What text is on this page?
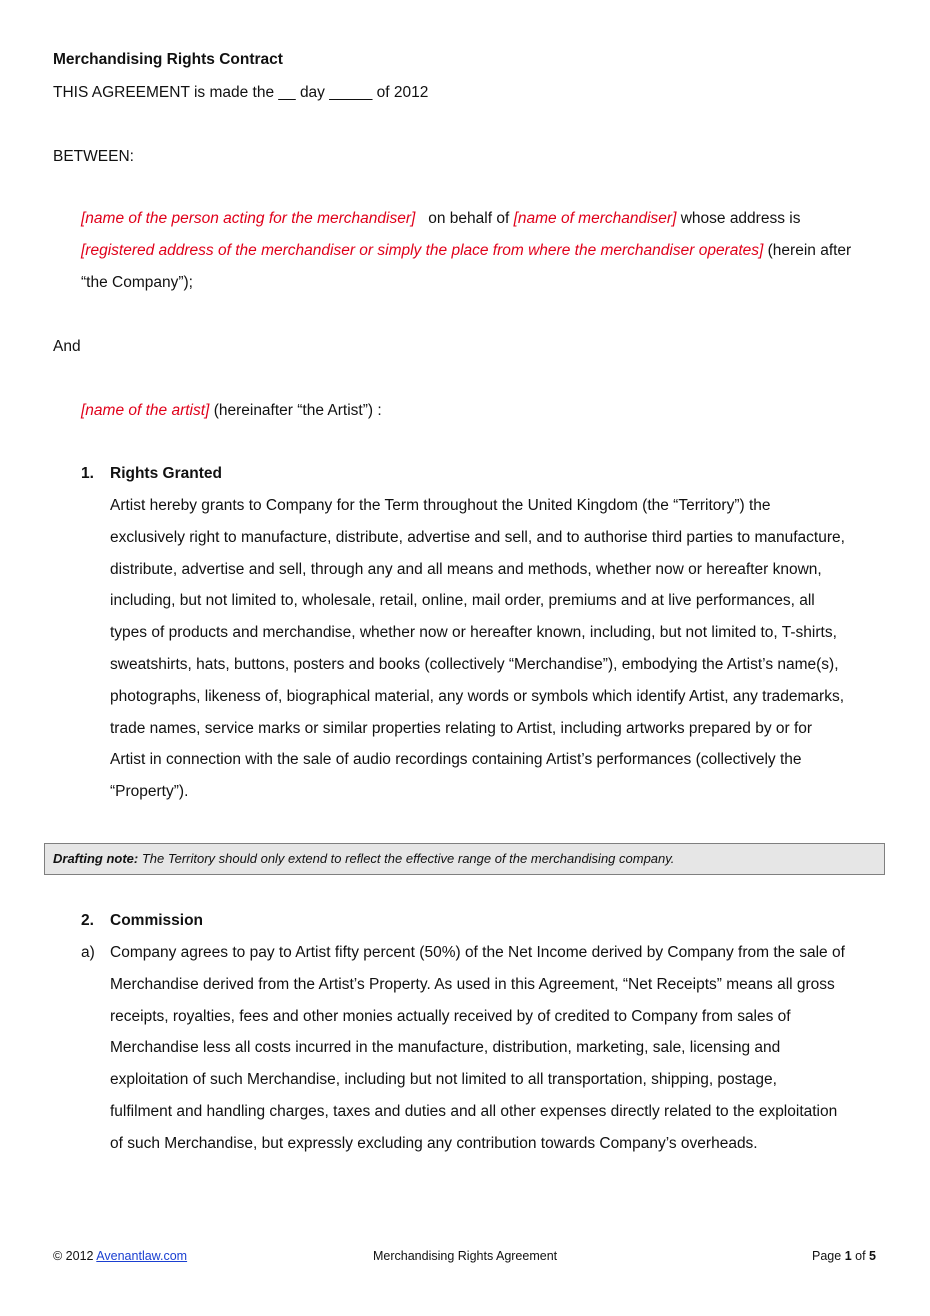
Merchandising Rights Contract
THIS AGREEMENT is made the __ day _____ of 2012
BETWEEN:
[name of the person acting for the merchandiser] on behalf of [name of merchandiser] whose address is
[registered address of the merchandiser or simply the place from where the merchandiser operates] (herein after
“the Company”);
And
[name of the artist] (hereinafter “the Artist”) :
1. Rights Granted
Artist hereby grants to Company for the Term throughout the United Kingdom (the “Territory”) the
exclusively right to manufacture, distribute, advertise and sell, and to authorise third parties to manufacture,
distribute, advertise and sell, through any and all means and methods, whether now or hereafter known,
including, but not limited to, wholesale, retail, online, mail order, premiums and at live performances, all
types of products and merchandise, whether now or hereafter known, including, but not limited to, T-shirts,
sweatshirts, hats, buttons, posters and books (collectively “Merchandise”), embodying the Artist’s name(s),
photographs, likeness of, biographical material, any words or symbols which identify Artist, any trademarks,
trade names, service marks or similar properties relating to Artist, including artworks prepared by or for
Artist in connection with the sale of audio recordings containing Artist’s performances (collectively the
“Property”).
Drafting note: The Territory should only extend to reflect the effective range of the merchandising company.
2. Commission
a) Company agrees to pay to Artist fifty percent (50%) of the Net Income derived by Company from the sale of
Merchandise derived from the Artist’s Property. As used in this Agreement, “Net Receipts” means all gross
receipts, royalties, fees and other monies actually received by of credited to Company from sales of
Merchandise less all costs incurred in the manufacture, distribution, marketing, sale, licensing and
exploitation of such Merchandise, including but not limited to all transportation, shipping, postage,
fulfilment and handling charges, taxes and duties and all other expenses directly related to the exploitation
of such Merchandise, but expressly excluding any contribution towards Company’s overheads.
© 2012 Avenantlaw.com	Merchandising Rights Agreement	Page 1 of 5
